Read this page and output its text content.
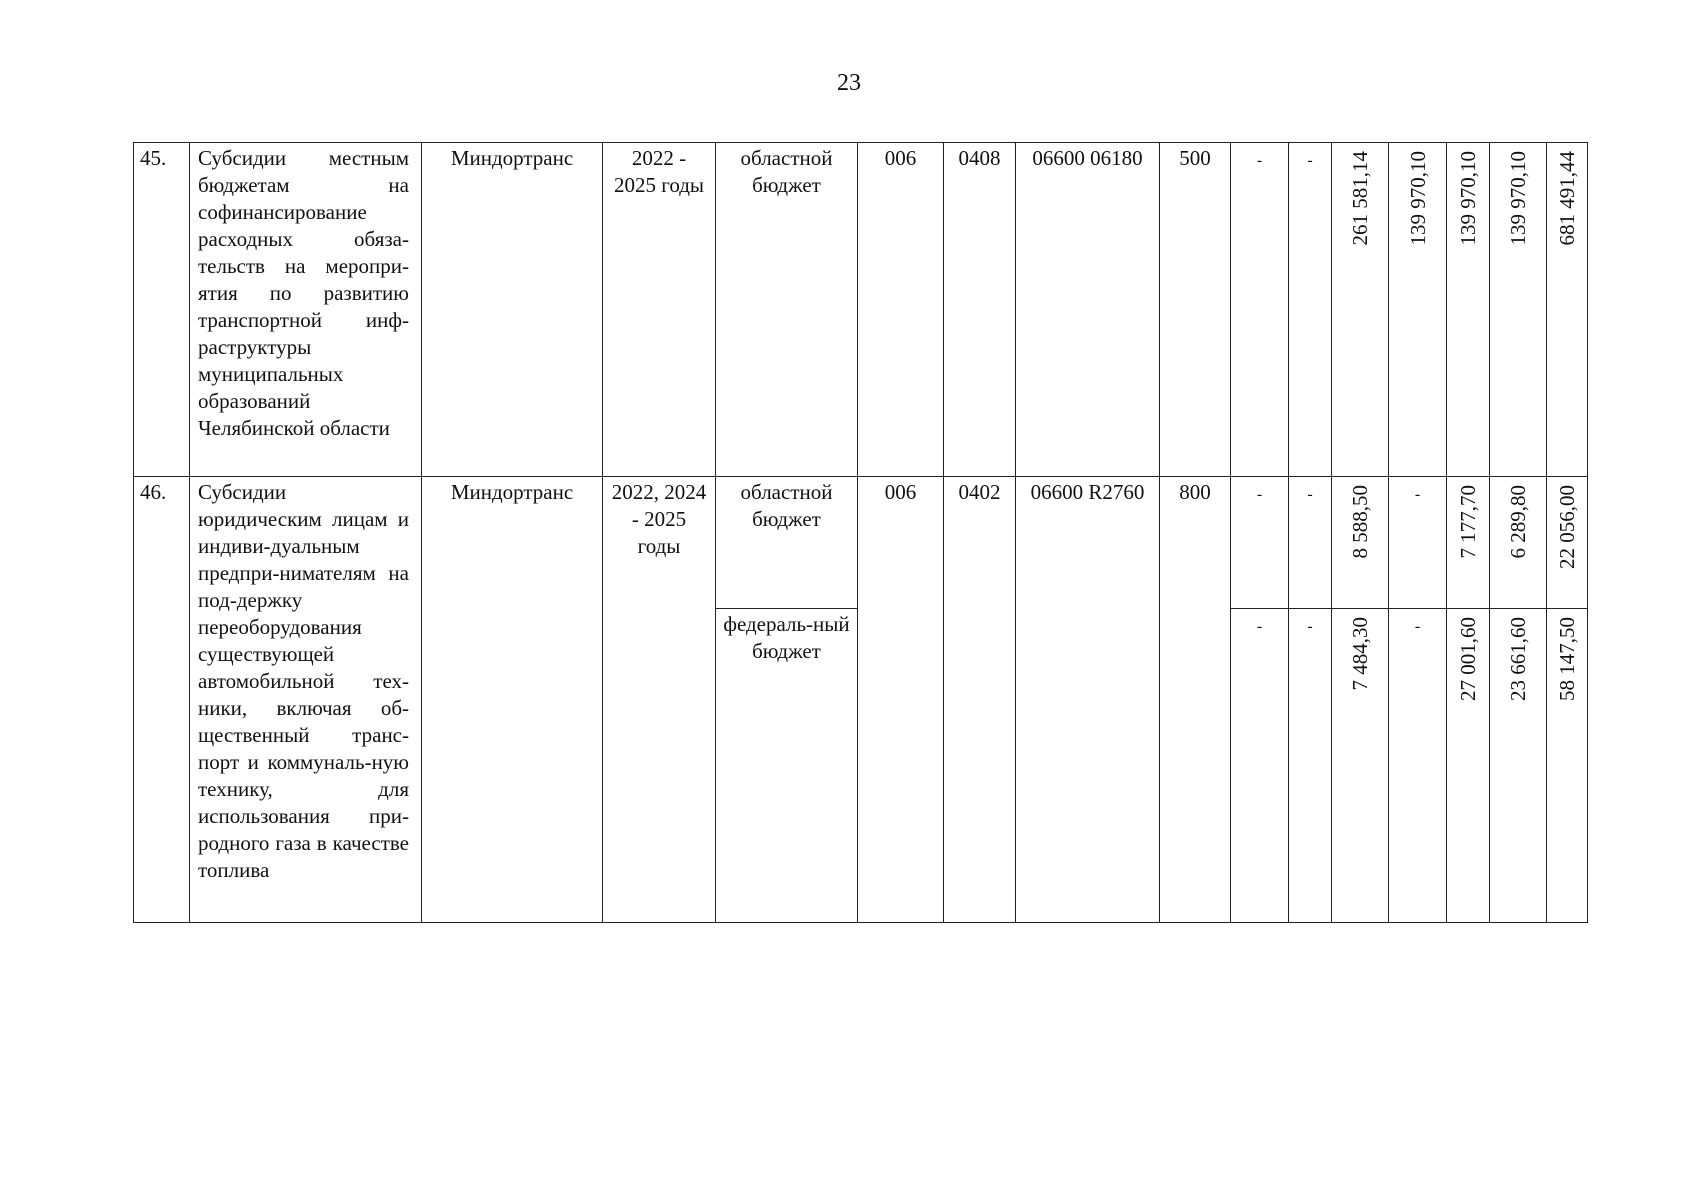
23
45.	Субсидии местным бюджетам на софинансирование расходных обяза-тельств на меропри-ятия по развитию транспортной инф-раструктуры муниципальных образований Челябинской области	Миндортранс	2022 - 2025 годы	областной бюджет	006	0408	06600 06180	500	-	-	261 581,14	139 970,10	139 970,10	139 970,10	681 491,44
46.	Субсидии юридическим лицам и индиви-дуальным предпри-нимателям на под-держку переоборудования существующей автомобильной тех-ники, включая об-щественный транс-порт и коммуналь-ную технику, для использования при-родного газа в качестве топлива	Миндортранс	2022, 2024 - 2025 годы	областной бюджет	006	0402	06600 R2760	800	-	-	8 588,50	-	7 177,70	6 289,80	22 056,00
				федераль-ный бюджет					-	-	7 484,30	-	27 001,60	23 661,60	58 147,50
